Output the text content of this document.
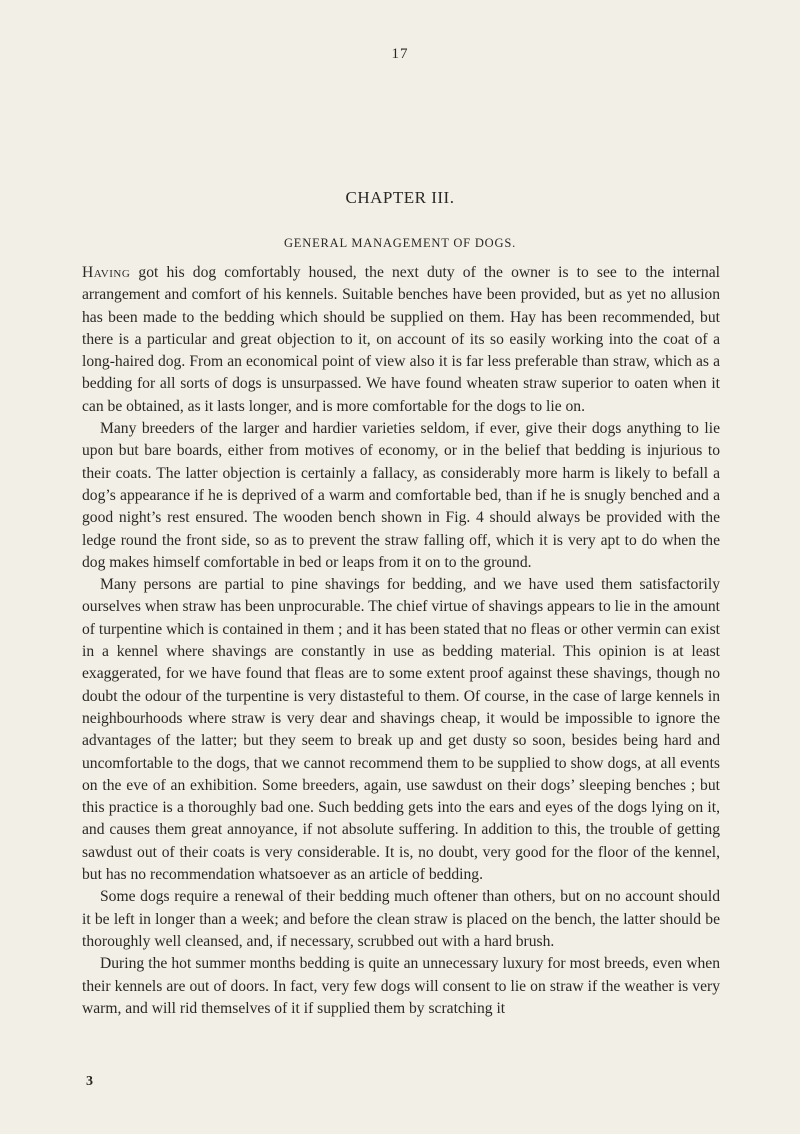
17
CHAPTER III.
GENERAL MANAGEMENT OF DOGS.

Having got his dog comfortably housed, the next duty of the owner is to see to the internal arrangement and comfort of his kennels. Suitable benches have been provided, but as yet no allusion has been made to the bedding which should be supplied on them. Hay has been recommended, but there is a particular and great objection to it, on account of its so easily working into the coat of a long-haired dog. From an economical point of view also it is far less preferable than straw, which as a bedding for all sorts of dogs is unsurpassed. We have found wheaten straw superior to oaten when it can be obtained, as it lasts longer, and is more comfortable for the dogs to lie on.

Many breeders of the larger and hardier varieties seldom, if ever, give their dogs anything to lie upon but bare boards, either from motives of economy, or in the belief that bedding is injurious to their coats. The latter objection is certainly a fallacy, as considerably more harm is likely to befall a dog’s appearance if he is deprived of a warm and comfortable bed, than if he is snugly benched and a good night’s rest ensured. The wooden bench shown in Fig. 4 should always be provided with the ledge round the front side, so as to prevent the straw falling off, which it is very apt to do when the dog makes himself comfortable in bed or leaps from it on to the ground.

Many persons are partial to pine shavings for bedding, and we have used them satisfactorily ourselves when straw has been unprocurable. The chief virtue of shavings appears to lie in the amount of turpentine which is contained in them ; and it has been stated that no fleas or other vermin can exist in a kennel where shavings are constantly in use as bedding material. This opinion is at least exaggerated, for we have found that fleas are to some extent proof against these shavings, though no doubt the odour of the turpentine is very distasteful to them. Of course, in the case of large kennels in neighbourhoods where straw is very dear and shavings cheap, it would be impossible to ignore the advantages of the latter; but they seem to break up and get dusty so soon, besides being hard and uncomfortable to the dogs, that we cannot recommend them to be supplied to show dogs, at all events on the eve of an exhibition. Some breeders, again, use sawdust on their dogs’ sleeping benches ; but this practice is a thoroughly bad one. Such bedding gets into the ears and eyes of the dogs lying on it, and causes them great annoyance, if not absolute suffering. In addition to this, the trouble of getting sawdust out of their coats is very considerable. It is, no doubt, very good for the floor of the kennel, but has no recommendation whatsoever as an article of bedding.

Some dogs require a renewal of their bedding much oftener than others, but on no account should it be left in longer than a week; and before the clean straw is placed on the bench, the latter should be thoroughly well cleansed, and, if necessary, scrubbed out with a hard brush.

During the hot summer months bedding is quite an unnecessary luxury for most breeds, even when their kennels are out of doors. In fact, very few dogs will consent to lie on straw if the weather is very warm, and will rid themselves of it if supplied them by scratching it

3
